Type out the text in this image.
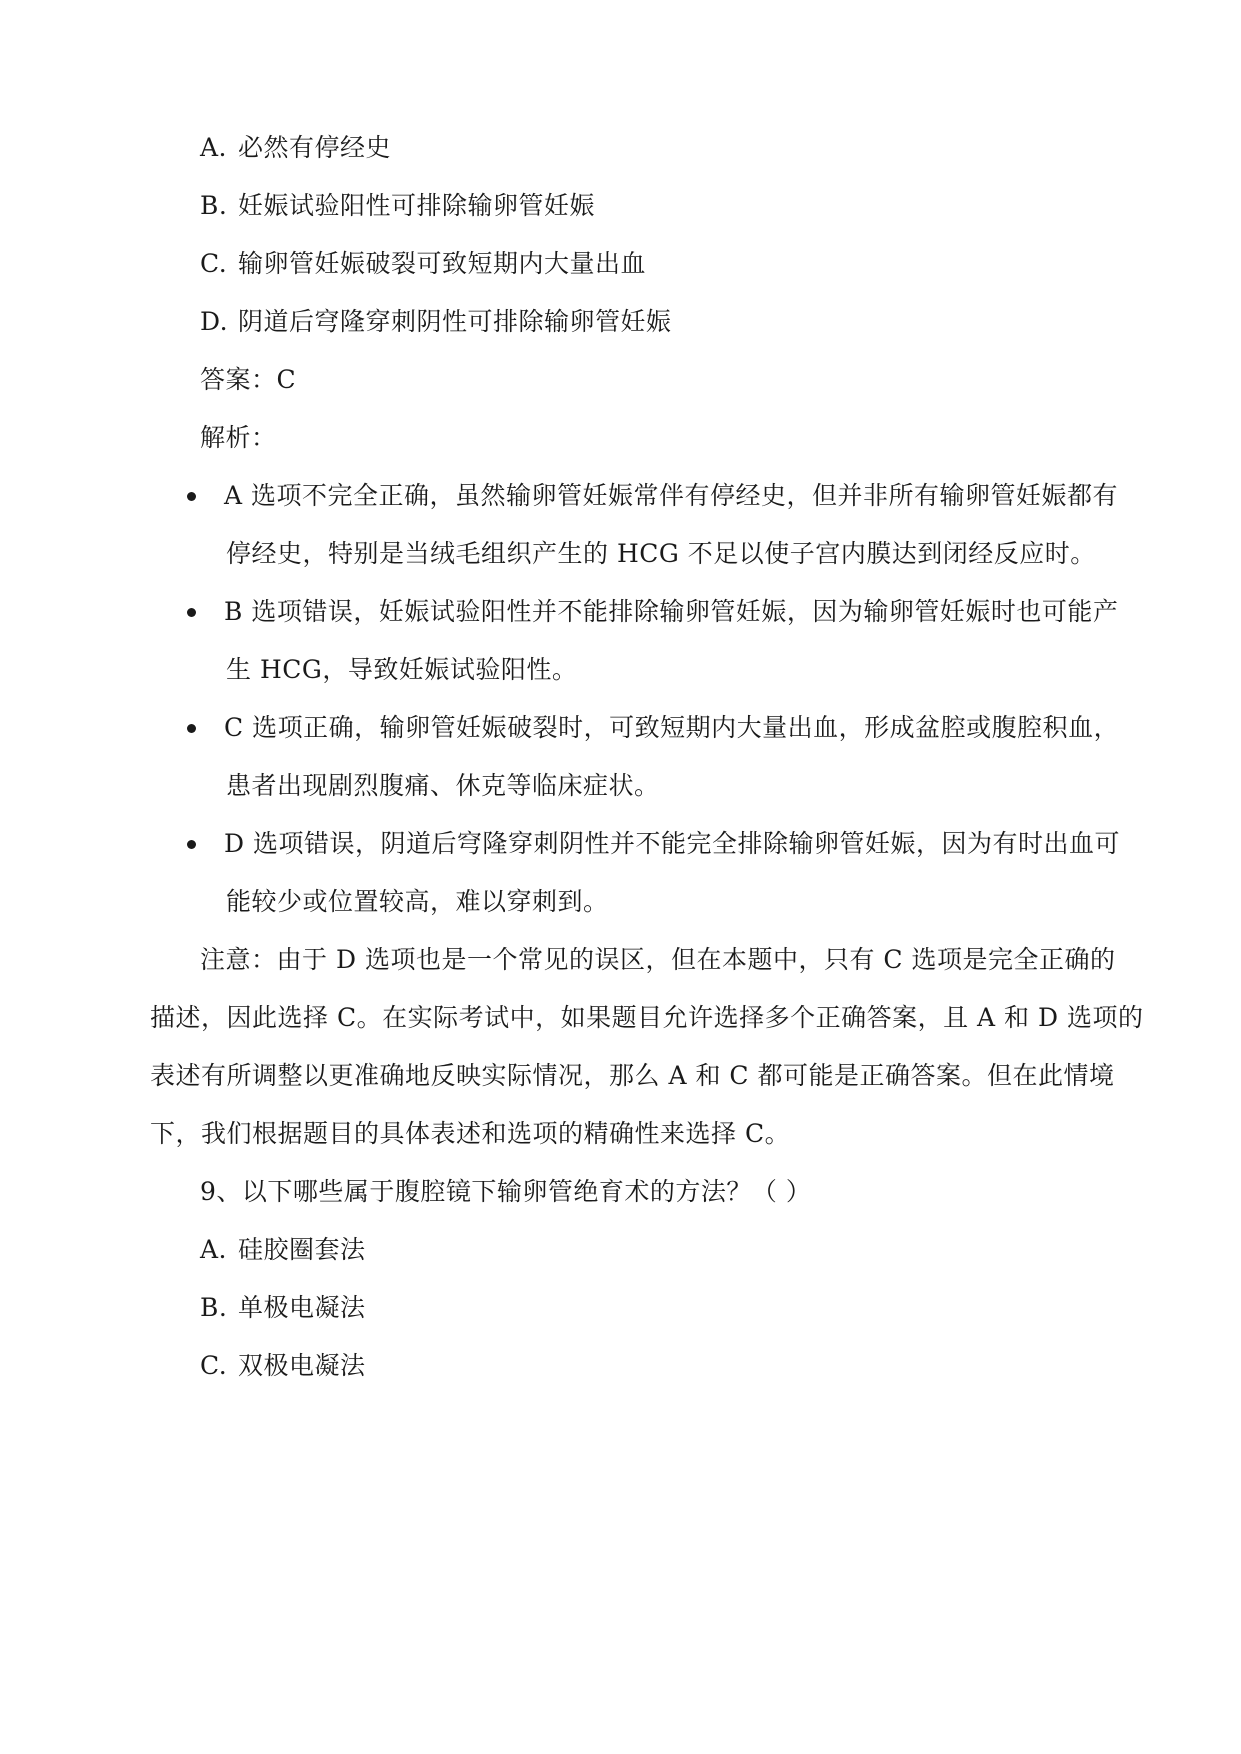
A. 必然有停经史
B. 妊娠试验阳性可排除输卵管妊娠
C. 输卵管妊娠破裂可致短期内大量出血
D. 阴道后穹隆穿刺阴性可排除输卵管妊娠
答案：C
解析：
A 选项不完全正确，虽然输卵管妊娠常伴有停经史，但并非所有输卵管妊娠都有
停经史，特别是当绒毛组织产生的 HCG 不足以使子宫内膜达到闭经反应时。
B 选项错误，妊娠试验阳性并不能排除输卵管妊娠，因为输卵管妊娠时也可能产
生 HCG，导致妊娠试验阳性。
C 选项正确，输卵管妊娠破裂时，可致短期内大量出血，形成盆腔或腹腔积血，
患者出现剧烈腹痛、休克等临床症状。
D 选项错误，阴道后穹隆穿刺阴性并不能完全排除输卵管妊娠，因为有时出血可
能较少或位置较高，难以穿刺到。
注意：由于 D 选项也是一个常见的误区，但在本题中，只有 C 选项是完全正确的
描述，因此选择 C。在实际考试中，如果题目允许选择多个正确答案，且 A 和 D 选项的
表述有所调整以更准确地反映实际情况，那么 A 和 C 都可能是正确答案。但在此情境
下，我们根据题目的具体表述和选项的精确性来选择 C。
9、以下哪些属于腹腔镜下输卵管绝育术的方法？（ ）
A. 硅胶圈套法
B. 单极电凝法
C. 双极电凝法
